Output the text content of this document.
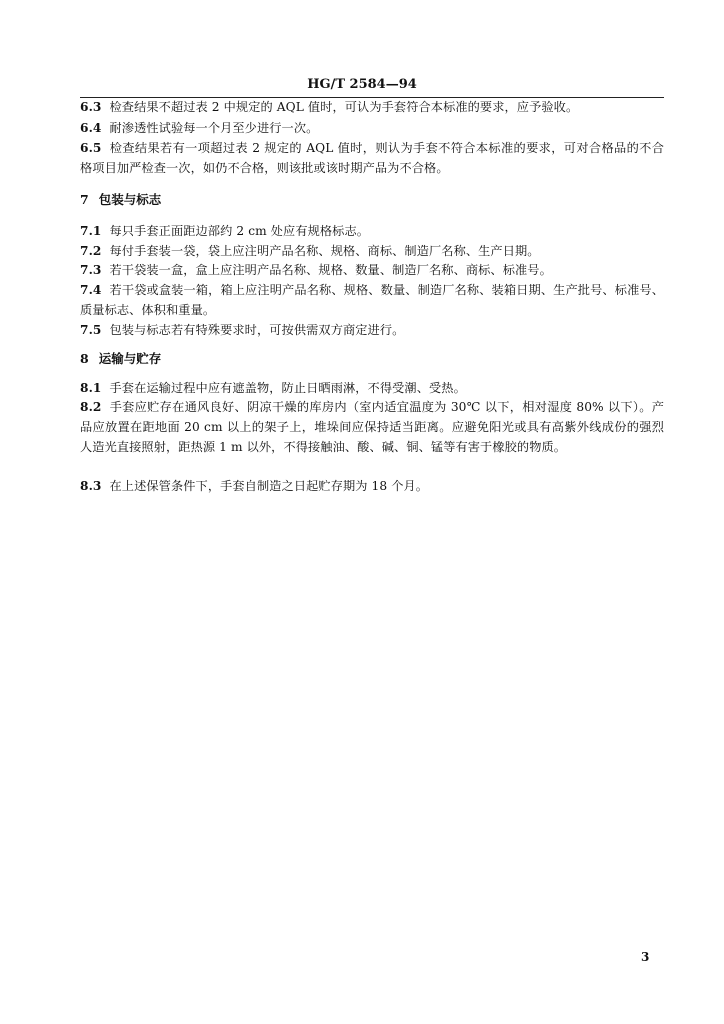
HG/T 2584—94

6.3 检查结果不超过表 2 中规定的 AQL 值时，可认为手套符合本标准的要求，应予验收。

6.4 耐渗透性试验每一个月至少进行一次。

6.5 检查结果若有一项超过表 2 规定的 AQL 值时，则认为手套不符合本标准的要求，可对合格品的不合格项目加严检查一次，如仍不合格，则该批或该时期产品为不合格。

7 包装与标志

7.1 每只手套正面距边部约 2 cm 处应有规格标志。

7.2 每付手套装一袋，袋上应注明产品名称、规格、商标、制造厂名称、生产日期。

7.3 若干袋装一盒，盒上应注明产品名称、规格、数量、制造厂名称、商标、标准号。

7.4 若干袋或盒装一箱，箱上应注明产品名称、规格、数量、制造厂名称、装箱日期、生产批号、标准号、质量标志、体积和重量。

7.5 包装与标志若有特殊要求时，可按供需双方商定进行。

8 运输与贮存

8.1 手套在运输过程中应有遮盖物，防止日晒雨淋，不得受潮、受热。

8.2 手套应贮存在通风良好、阴凉干燥的库房内（室内适宜温度为 30℃ 以下，相对湿度 80% 以下）。产品应放置在距地面 20 cm 以上的架子上，堆垛间应保持适当距离。应避免阳光或具有高紫外线成份的强烈人造光直接照射，距热源 1 m 以外，不得接触油、酸、碱、铜、锰等有害于橡胶的物质。

8.3 在上述保管条件下，手套自制造之日起贮存期为 18 个月。

3
